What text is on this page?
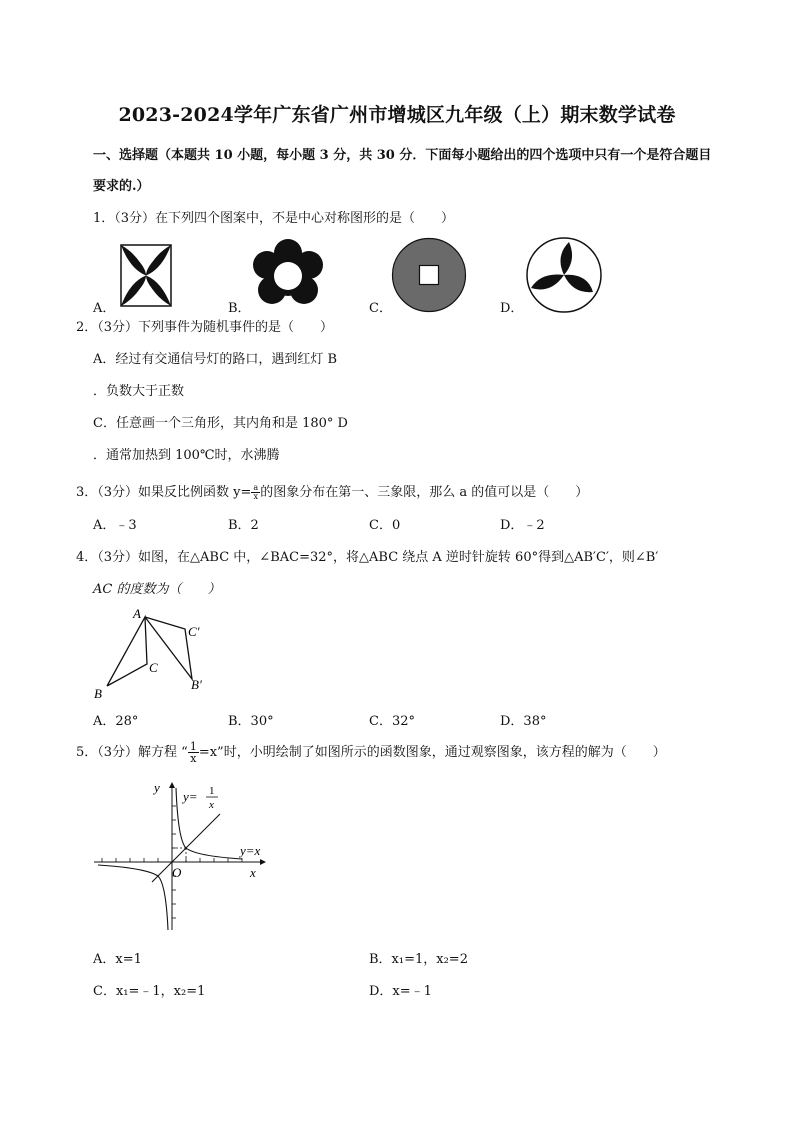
2023-2024学年广东省广州市增城区九年级（上）期末数学试卷
一、选择题（本题共 10 小题，每小题 3 分，共 30 分．下面每小题给出的四个选项中只有一个是符合题目
要求的.）
1．（3分）在下列四个图案中，不是中心对称图形的是（　　）
A．	B．	C．	D．
2．（3分）下列事件为随机事件的是（　　）
A．经过有交通信号灯的路口，遇到红灯 B
．负数大于正数
C．任意画一个三角形，其内角和是 180° D
．通常加热到 100℃时，水沸腾
3．（3分）如果反比例函数 $y= \frac{a}{x}$ 的图象分布在第一、三象限，那么 a 的值可以是（　　）
A．﹣3	B．2	C．0	D．﹣2
4．（3分）如图，在△ABC 中，∠BAC=32°，将△ABC 绕点 A 逆时针旋转 60°得到△AB′C′，则∠B′
AC 的度数为（　　）
A
B
C
B′
C′
A．28°	B．30°	C．32°	D．38°
5．（3分）解方程 “ $\frac{1}{x} =x$”时，小明绘制了如图所示的函数图象，通过观察图象，该方程的解为（　　）
y
x
O
y= 1
x
y=x
A．x=1	B．x₁=1，x₂=2
C．x₁=﹣1，x₂=1	D．x=﹣1
